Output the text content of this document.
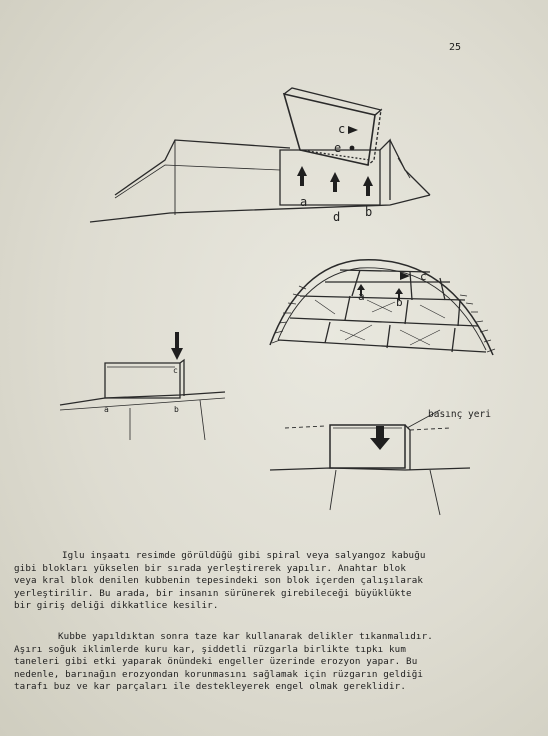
25
c
e
a
d b
c
a	b
a	b
c
basınç yeri

Iglu inşaatı resimde görüldüğü gibi spiral veya salyangoz kabuğu
gibi blokları yükselen bir sırada yerleştirerek yapılır. Anahtar blok
veya kral blok denilen kubbenin tepesindeki son blok içerden çalışılarak
yerleştirilir. Bu arada, bir insanın sürünerek girebileceği büyüklükte
bir giriş deliği dikkatlice kesilir.

Kubbe yapıldıktan sonra taze kar kullanarak delikler tıkanmalıdır.
Aşırı soğuk iklimlerde kuru kar, şiddetli rüzgarla birlikte tıpkı kum
taneleri gibi etki yaparak önündeki engeller üzerinde erozyon yapar. Bu
nedenle, barınağın erozyondan korunmasını sağlamak için rüzgarın geldiği
tarafı buz ve kar parçaları ile destekleyerek engel olmak gereklidir.
